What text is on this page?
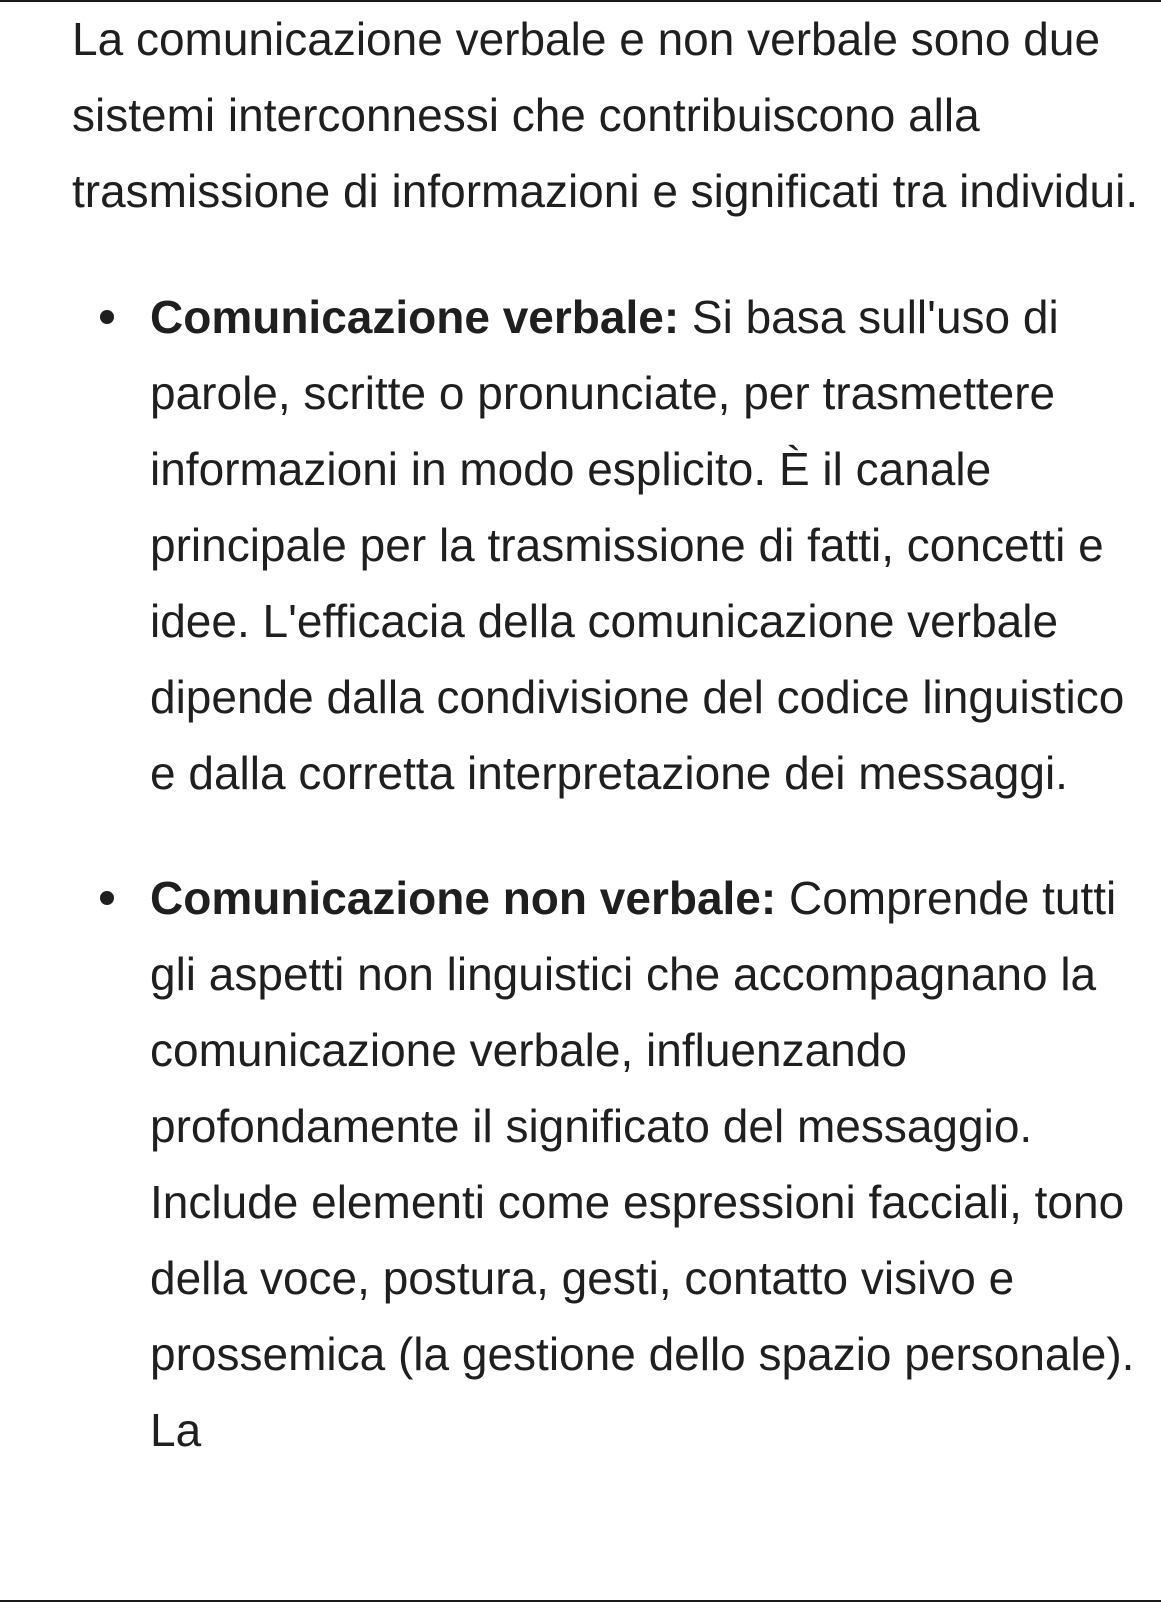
La comunicazione verbale e non verbale sono due sistemi interconnessi che contribuiscono alla trasmissione di informazioni e significati tra individui.

Comunicazione verbale: Si basa sull'uso di parole, scritte o pronunciate, per trasmettere informazioni in modo esplicito. È il canale principale per la trasmissione di fatti, concetti e idee. L'efficacia della comunicazione verbale dipende dalla condivisione del codice linguistico e dalla corretta interpretazione dei messaggi.
Comunicazione non verbale: Comprende tutti gli aspetti non linguistici che accompagnano la comunicazione verbale, influenzando profondamente il significato del messaggio. Include elementi come espressioni facciali, tono della voce, postura, gesti, contatto visivo e prossemica (la gestione dello spazio personale). La
